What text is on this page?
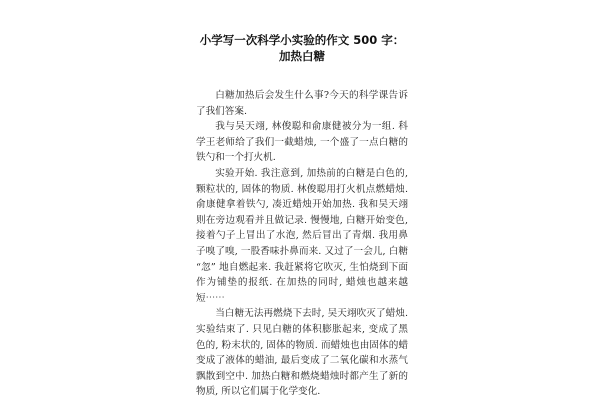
小学写一次科学小实验的作文 500 字：
加热白糖

白糖加热后会发生什么事?今天的科学课告诉了我们答案.

我与吴天翊, 林俊聪和俞康健被分为一组. 科学王老师给了我们一截蜡烛, 一个盛了一点白糖的铁勺和一个打火机.

实验开始. 我注意到, 加热前的白糖是白色的, 颗粒状的, 固体的物质. 林俊聪用打火机点燃蜡烛. 俞康健拿着铁勺, 凑近蜡烛开始加热. 我和吴天翊则在旁边观看并且做记录. 慢慢地, 白糖开始变色, 接着勺子上冒出了水泡, 然后冒出了青烟. 我用鼻子嗅了嗅, 一股香味扑鼻而来. 又过了一会儿, 白糖 “忽” 地自燃起来. 我赶紧将它吹灭, 生怕烧到下面作为铺垫的报纸. 在加热的同时, 蜡烛也越来越短⋯⋯

当白糖无法再燃烧下去时, 吴天翊吹灭了蜡烛. 实验结束了. 只见白糖的体积膨胀起来, 变成了黑色的, 粉末状的, 固体的物质. 而蜡烛也由固体的蜡变成了液体的蜡油, 最后变成了二氧化碳和水蒸气飘散到空中. 加热白糖和燃烧蜡烛时都产生了新的物质, 所以它们属于化学变化.
